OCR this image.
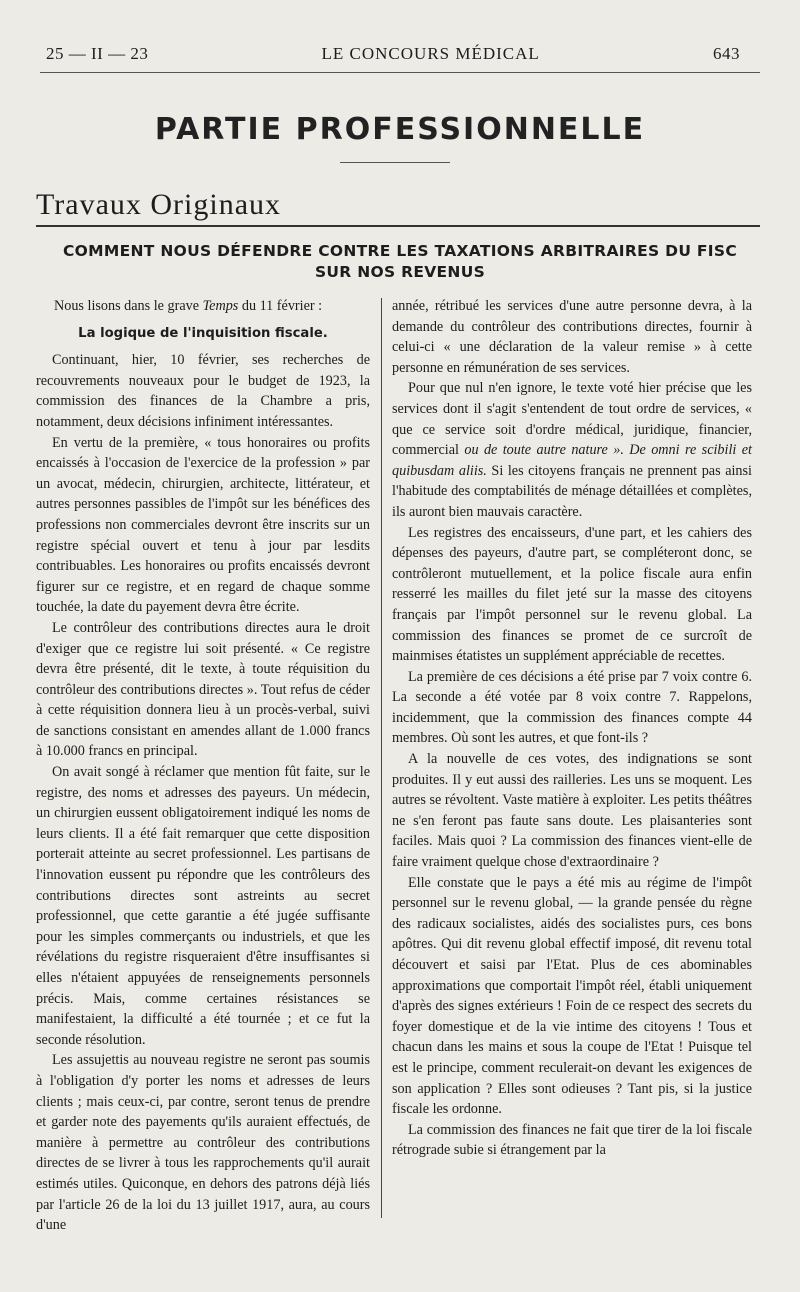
25 — II — 23	LE CONCOURS MÉDICAL	643
PARTIE PROFESSIONNELLE
Travaux Originaux
COMMENT NOUS DÉFENDRE CONTRE LES TAXATIONS ARBITRAIRES DU FISC
SUR NOS REVENUS

Nous lisons dans le grave Temps du 11 février :

La logique de l'inquisition fiscale.

Continuant, hier, 10 février, ses recherches de recouvrements nouveaux pour le budget de 1923, la commission des finances de la Chambre a pris, notamment, deux décisions infiniment intéressantes.

En vertu de la première, « tous honoraires ou profits encaissés à l'occasion de l'exercice de la profession » par un avocat, médecin, chirurgien, architecte, littérateur, et autres personnes passibles de l'impôt sur les bénéfices des professions non commerciales devront être inscrits sur un registre spécial ouvert et tenu à jour par lesdits contribuables. Les honoraires ou profits encaissés devront figurer sur ce registre, et en regard de chaque somme touchée, la date du payement devra être écrite.

Le contrôleur des contributions directes aura le droit d'exiger que ce registre lui soit présenté. « Ce registre devra être présenté, dit le texte, à toute réquisition du contrôleur des contributions directes ». Tout refus de céder à cette réquisition donnera lieu à un procès-verbal, suivi de sanctions consistant en amendes allant de 1.000 francs à 10.000 francs en principal.

On avait songé à réclamer que mention fût faite, sur le registre, des noms et adresses des payeurs. Un médecin, un chirurgien eussent obligatoirement indiqué les noms de leurs clients. Il a été fait remarquer que cette disposition porterait atteinte au secret professionnel. Les partisans de l'innovation eussent pu répondre que les contrôleurs des contributions directes sont astreints au secret professionnel, que cette garantie a été jugée suffisante pour les simples commerçants ou industriels, et que les révélations du registre risqueraient d'être insuffisantes si elles n'étaient appuyées de renseignements personnels précis. Mais, comme certaines résistances se manifestaient, la difficulté a été tournée ; et ce fut la seconde résolution.

Les assujettis au nouveau registre ne seront pas soumis à l'obligation d'y porter les noms et adresses de leurs clients ; mais ceux-ci, par contre, seront tenus de prendre et garder note des payements qu'ils auraient effectués, de manière à permettre au contrôleur des contributions directes de se livrer à tous les rapprochements qu'il aurait estimés utiles. Quiconque, en dehors des patrons déjà liés par l'article 26 de la loi du 13 juillet 1917, aura, au cours d'une

année, rétribué les services d'une autre personne devra, à la demande du contrôleur des contributions directes, fournir à celui-ci « une déclaration de la valeur remise » à cette personne en rémunération de ses services.

Pour que nul n'en ignore, le texte voté hier précise que les services dont il s'agit s'entendent de tout ordre de services, « que ce service soit d'ordre médical, juridique, financier, commercial ou de toute autre nature ». De omni re scibili et quibusdam aliis. Si les citoyens français ne prennent pas ainsi l'habitude des comptabilités de ménage détaillées et complètes, ils auront bien mauvais caractère.

Les registres des encaisseurs, d'une part, et les cahiers des dépenses des payeurs, d'autre part, se compléteront donc, se contrôleront mutuellement, et la police fiscale aura enfin resserré les mailles du filet jeté sur la masse des citoyens français par l'impôt personnel sur le revenu global. La commission des finances se promet de ce surcroît de mainmises étatistes un supplément appréciable de recettes.

La première de ces décisions a été prise par 7 voix contre 6. La seconde a été votée par 8 voix contre 7. Rappelons, incidemment, que la commission des finances compte 44 membres. Où sont les autres, et que font-ils ?

A la nouvelle de ces votes, des indignations se sont produites. Il y eut aussi des railleries. Les uns se moquent. Les autres se révoltent. Vaste matière à exploiter. Les petits théâtres ne s'en feront pas faute sans doute. Les plaisanteries sont faciles. Mais quoi ? La commission des finances vient-elle de faire vraiment quelque chose d'extraordinaire ?

Elle constate que le pays a été mis au régime de l'impôt personnel sur le revenu global, — la grande pensée du règne des radicaux socialistes, aidés des socialistes purs, ces bons apôtres. Qui dit revenu global effectif imposé, dit revenu total découvert et saisi par l'Etat. Plus de ces abominables approximations que comportait l'impôt réel, établi uniquement d'après des signes extérieurs ! Foin de ce respect des secrets du foyer domestique et de la vie intime des citoyens ! Tous et chacun dans les mains et sous la coupe de l'Etat ! Puisque tel est le principe, comment reculerait-on devant les exigences de son application ? Elles sont odieuses ? Tant pis, si la justice fiscale les ordonne.

La commission des finances ne fait que tirer de la loi fiscale rétrograde subie si étrangement par la
